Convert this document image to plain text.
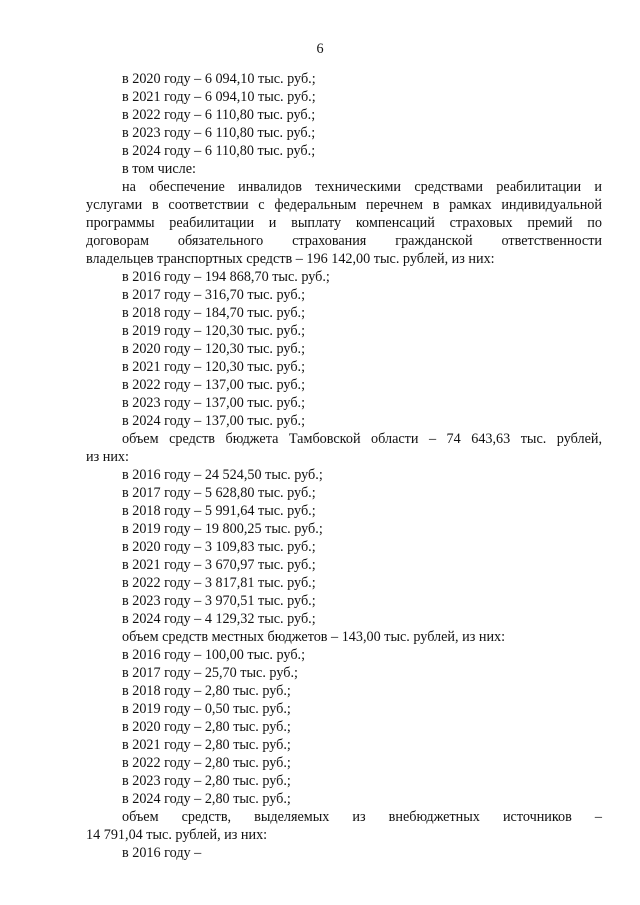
6

в 2020 году – 6 094,10 тыс. руб.;

в 2021 году – 6 094,10 тыс. руб.;

в 2022 году – 6 110,80 тыс. руб.;

в 2023 году – 6 110,80 тыс. руб.;

в 2024 году – 6 110,80 тыс. руб.;

в том числе:

на обеспечение инвалидов техническими средствами реабилитации и

услугами в соответствии с федеральным перечнем в рамках индивидуальной

программы реабилитации и выплату компенсаций страховых премий по

договорам обязательного страхования гражданской ответственности

владельцев транспортных средств – 196 142,00 тыс. рублей, из них:

в 2016 году – 194 868,70 тыс. руб.;

в 2017 году – 316,70 тыс. руб.;

в 2018 году – 184,70 тыс. руб.;

в 2019 году – 120,30 тыс. руб.;

в 2020 году – 120,30 тыс. руб.;

в 2021 году – 120,30 тыс. руб.;

в 2022 году – 137,00 тыс. руб.;

в 2023 году – 137,00 тыс. руб.;

в 2024 году – 137,00 тыс. руб.;

объем средств бюджета Тамбовской области – 74 643,63 тыс. рублей,

из них:

в 2016 году – 24 524,50 тыс. руб.;

в 2017 году – 5 628,80 тыс. руб.;

в 2018 году – 5 991,64 тыс. руб.;

в 2019 году – 19 800,25 тыс. руб.;

в 2020 году – 3 109,83 тыс. руб.;

в 2021 году – 3 670,97 тыс. руб.;

в 2022 году – 3 817,81 тыс. руб.;

в 2023 году – 3 970,51 тыс. руб.;

в 2024 году – 4 129,32 тыс. руб.;

объем средств местных бюджетов – 143,00 тыс. рублей, из них:

в 2016 году – 100,00 тыс. руб.;

в 2017 году – 25,70 тыс. руб.;

в 2018 году – 2,80 тыс. руб.;

в 2019 году – 0,50 тыс. руб.;

в 2020 году – 2,80 тыс. руб.;

в 2021 году – 2,80 тыс. руб.;

в 2022 году – 2,80 тыс. руб.;

в 2023 году – 2,80 тыс. руб.;

в 2024 году – 2,80 тыс. руб.;

объем средств, выделяемых из внебюджетных источников –

14 791,04 тыс. рублей, из них:

в 2016 году –
